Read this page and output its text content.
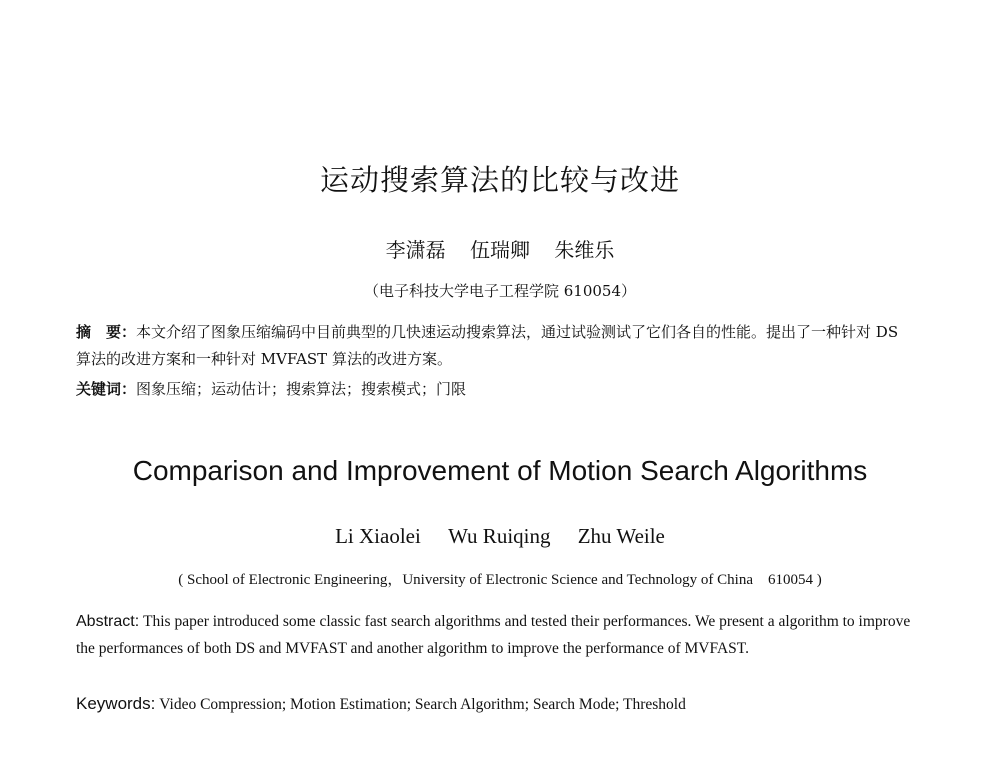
运动搜索算法的比较与改进
李潇磊 伍瑞卿 朱维乐
（电子科技大学电子工程学院 610054）
摘　要：本文介绍了图象压缩编码中目前典型的几快速运动搜索算法，通过试验测试了它们各自的性能。提出了一种针对 DS 算法的改进方案和一种针对 MVFAST 算法的改进方案。
关键词：图象压缩；运动估计；搜索算法；搜索模式；门限
Comparison and Improvement of Motion Search Algorithms
Li Xiaolei Wu Ruiqing Zhu Weile
( School of Electronic Engineering，University of Electronic Science and Technology of China　610054 )
Abstract: This paper introduced some classic fast search algorithms and tested their performances. We present a algorithm to improve the performances of both DS and MVFAST and another algorithm to improve the performance of MVFAST.
Keywords: Video Compression; Motion Estimation; Search Algorithm; Search Mode; Threshold
